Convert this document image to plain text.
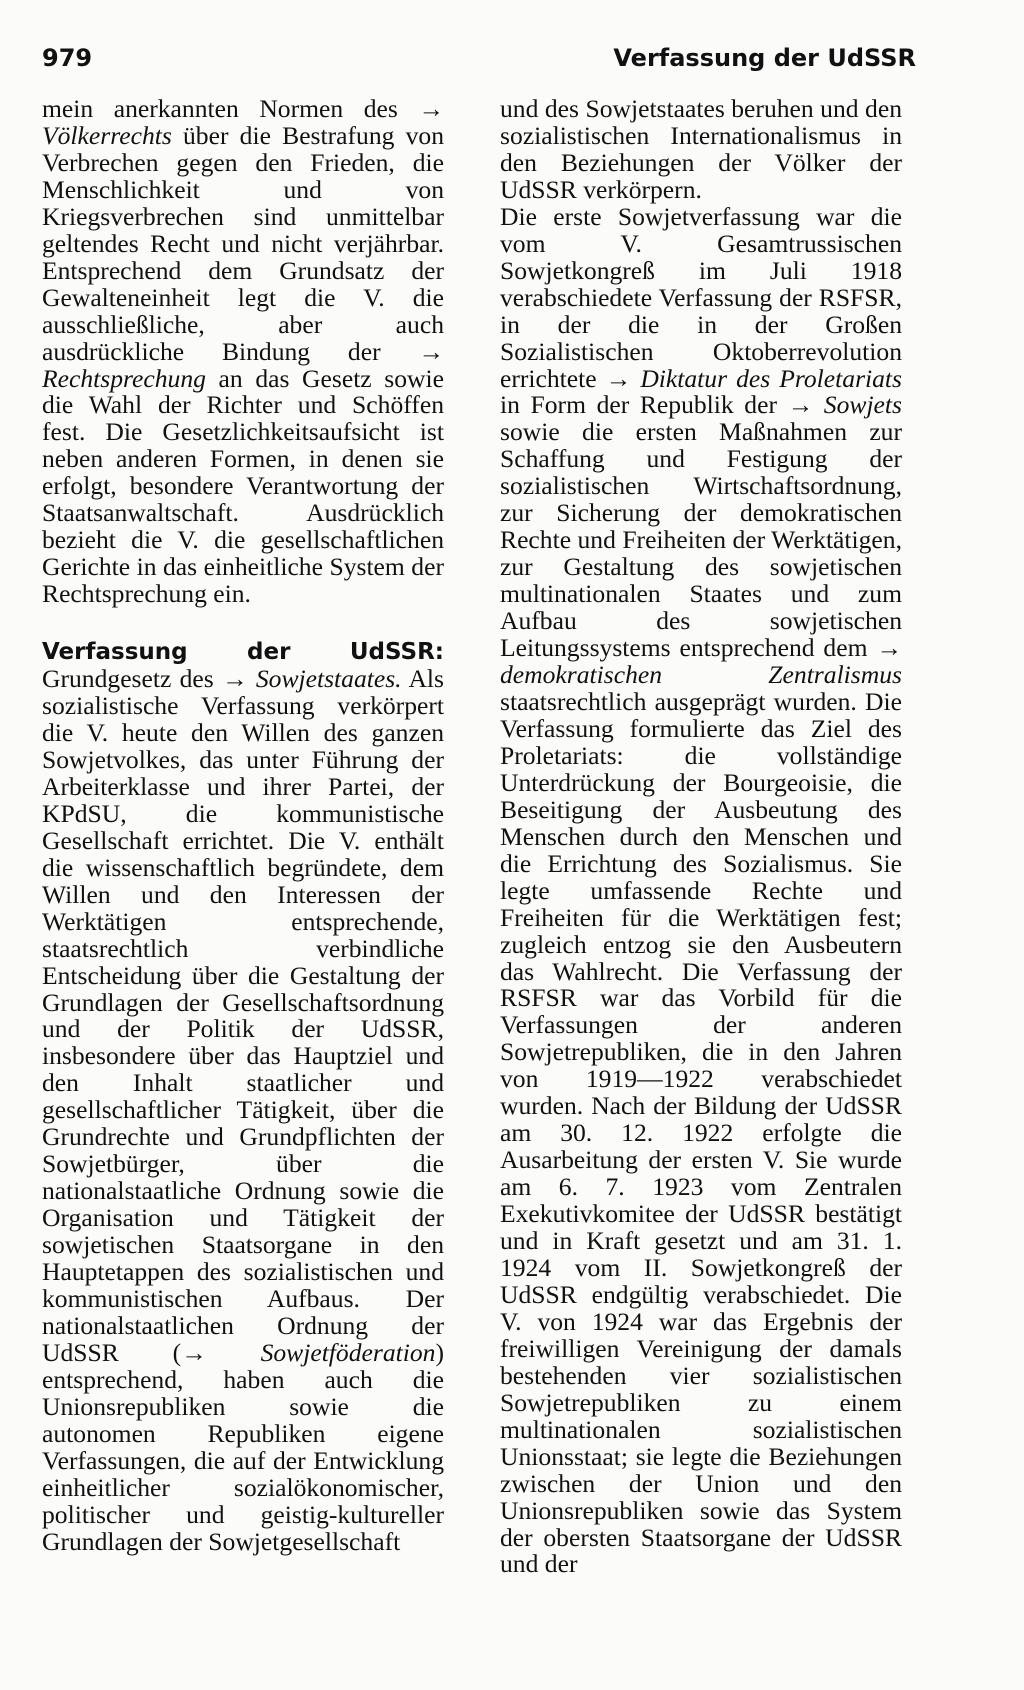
979	Verfassung der UdSSR

mein anerkannten Normen des → Völkerrechts über die Bestrafung von Verbrechen gegen den Frieden, die Menschlichkeit und von Kriegsverbrechen sind unmittelbar geltendes Recht und nicht verjährbar. Entsprechend dem Grundsatz der Gewalteneinheit legt die V. die ausschließliche, aber auch ausdrückliche Bindung der → Rechtsprechung an das Gesetz sowie die Wahl der Richter und Schöffen fest. Die Gesetzlichkeitsaufsicht ist neben anderen Formen, in denen sie erfolgt, besondere Verantwortung der Staatsanwaltschaft. Ausdrücklich bezieht die V. die gesellschaftlichen Gerichte in das einheitliche System der Rechtsprechung ein.

Verfassung der UdSSR: Grundgesetz des → Sowjetstaates. Als sozialistische Verfassung verkörpert die V. heute den Willen des ganzen Sowjetvolkes, das unter Führung der Arbeiterklasse und ihrer Partei, der KPdSU, die kommunistische Gesellschaft errichtet. Die V. enthält die wissenschaftlich begründete, dem Willen und den Interessen der Werktätigen entsprechende, staatsrechtlich verbindliche Entscheidung über die Gestaltung der Grundlagen der Gesellschaftsordnung und der Politik der UdSSR, insbesondere über das Hauptziel und den Inhalt staatlicher und gesellschaftlicher Tätigkeit, über die Grundrechte und Grundpflichten der Sowjetbürger, über die nationalstaatliche Ordnung sowie die Organisation und Tätigkeit der sowjetischen Staatsorgane in den Hauptetappen des sozialistischen und kommunistischen Aufbaus. Der nationalstaatlichen Ordnung der UdSSR (→ Sowjetföderation) entsprechend, haben auch die Unionsrepubliken sowie die autonomen Republiken eigene Verfassungen, die auf der Entwicklung einheitlicher sozialökonomischer, politischer und geistig-kultureller Grundlagen der Sowjetgesellschaft

und des Sowjetstaates beruhen und den sozialistischen Internationalismus in den Beziehungen der Völker der UdSSR verkörpern.

Die erste Sowjetverfassung war die vom V. Gesamtrussischen Sowjetkongreß im Juli 1918 verabschiedete Verfassung der RSFSR, in der die in der Großen Sozialistischen Oktoberrevolution errichtete → Diktatur des Proletariats in Form der Republik der → Sowjets sowie die ersten Maßnahmen zur Schaffung und Festigung der sozialistischen Wirtschaftsordnung, zur Sicherung der demokratischen Rechte und Freiheiten der Werktätigen, zur Gestaltung des sowjetischen multinationalen Staates und zum Aufbau des sowjetischen Leitungssystems entsprechend dem → demokratischen Zentralismus staatsrechtlich ausgeprägt wurden. Die Verfassung formulierte das Ziel des Proletariats: die vollständige Unterdrückung der Bourgeoisie, die Beseitigung der Ausbeutung des Menschen durch den Menschen und die Errichtung des Sozialismus. Sie legte umfassende Rechte und Freiheiten für die Werktätigen fest; zugleich entzog sie den Ausbeutern das Wahlrecht. Die Verfassung der RSFSR war das Vorbild für die Verfassungen der anderen Sowjetrepubliken, die in den Jahren von 1919—1922 verabschiedet wurden. Nach der Bildung der UdSSR am 30. 12. 1922 erfolgte die Ausarbeitung der ersten V. Sie wurde am 6. 7. 1923 vom Zentralen Exekutivkomitee der UdSSR bestätigt und in Kraft gesetzt und am 31. 1. 1924 vom II. Sowjetkongreß der UdSSR endgültig verabschiedet. Die V. von 1924 war das Ergebnis der freiwilligen Vereinigung der damals bestehenden vier sozialistischen Sowjetrepubliken zu einem multinationalen sozialistischen Unionsstaat; sie legte die Beziehungen zwischen der Union und den Unionsrepubliken sowie das System der obersten Staatsorgane der UdSSR und der
